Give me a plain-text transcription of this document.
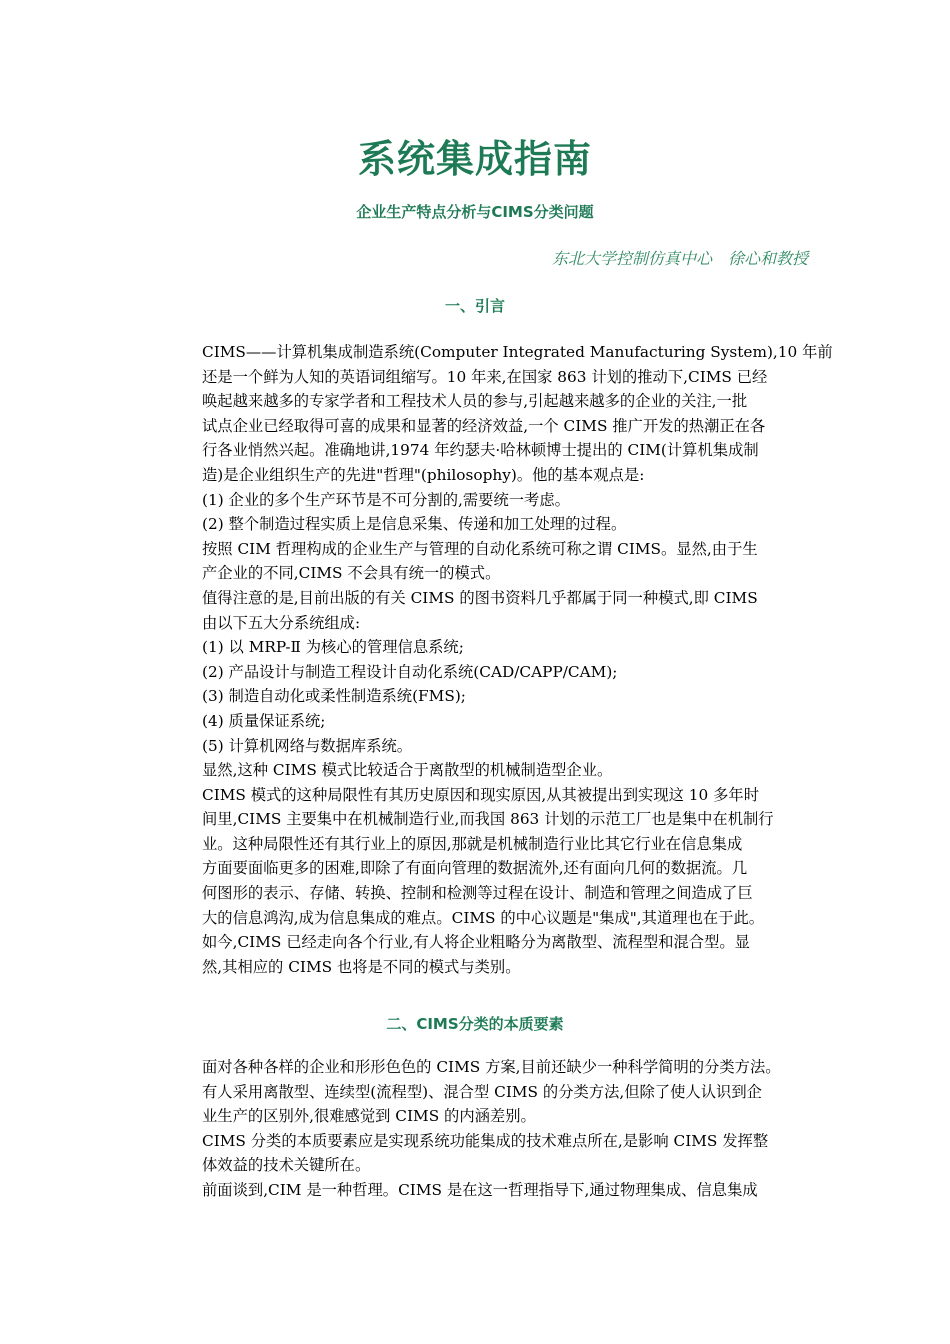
系统集成指南
企业生产特点分析与CIMS分类问题
东北大学控制仿真中心　徐心和教授
一、引言
CIMS——计算机集成制造系统(Computer Integrated Manufacturing System),10 年前
还是一个鲜为人知的英语词组缩写。10 年来,在国家 863 计划的推动下,CIMS 已经
唤起越来越多的专家学者和工程技术人员的参与,引起越来越多的企业的关注,一批
试点企业已经取得可喜的成果和显著的经济效益,一个 CIMS 推广开发的热潮正在各
行各业悄然兴起。准确地讲,1974 年约瑟夫·哈林顿博士提出的 CIM(计算机集成制
造)是企业组织生产的先进"哲理"(philosophy)。他的基本观点是:
(1) 企业的多个生产环节是不可分割的,需要统一考虑。
(2) 整个制造过程实质上是信息采集、传递和加工处理的过程。
按照 CIM 哲理构成的企业生产与管理的自动化系统可称之谓 CIMS。显然,由于生
产企业的不同,CIMS 不会具有统一的模式。
值得注意的是,目前出版的有关 CIMS 的图书资料几乎都属于同一种模式,即 CIMS
由以下五大分系统组成:
(1) 以 MRP-Ⅱ 为核心的管理信息系统;
(2) 产品设计与制造工程设计自动化系统(CAD/CAPP/CAM);
(3) 制造自动化或柔性制造系统(FMS);
(4) 质量保证系统;
(5) 计算机网络与数据库系统。
显然,这种 CIMS 模式比较适合于离散型的机械制造型企业。
CIMS 模式的这种局限性有其历史原因和现实原因,从其被提出到实现这 10 多年时
间里,CIMS 主要集中在机械制造行业,而我国 863 计划的示范工厂也是集中在机制行
业。这种局限性还有其行业上的原因,那就是机械制造行业比其它行业在信息集成
方面要面临更多的困难,即除了有面向管理的数据流外,还有面向几何的数据流。几
何图形的表示、存储、转换、控制和检测等过程在设计、制造和管理之间造成了巨
大的信息鸿沟,成为信息集成的难点。CIMS 的中心议题是"集成",其道理也在于此。
如今,CIMS 已经走向各个行业,有人将企业粗略分为离散型、流程型和混合型。显
然,其相应的 CIMS 也将是不同的模式与类别。
二、CIMS分类的本质要素
面对各种各样的企业和形形色色的 CIMS 方案,目前还缺少一种科学简明的分类方法。
有人采用离散型、连续型(流程型)、混合型 CIMS 的分类方法,但除了使人认识到企
业生产的区别外,很难感觉到 CIMS 的内涵差别。
CIMS 分类的本质要素应是实现系统功能集成的技术难点所在,是影响 CIMS 发挥整
体效益的技术关键所在。
前面谈到,CIM 是一种哲理。CIMS 是在这一哲理指导下,通过物理集成、信息集成
